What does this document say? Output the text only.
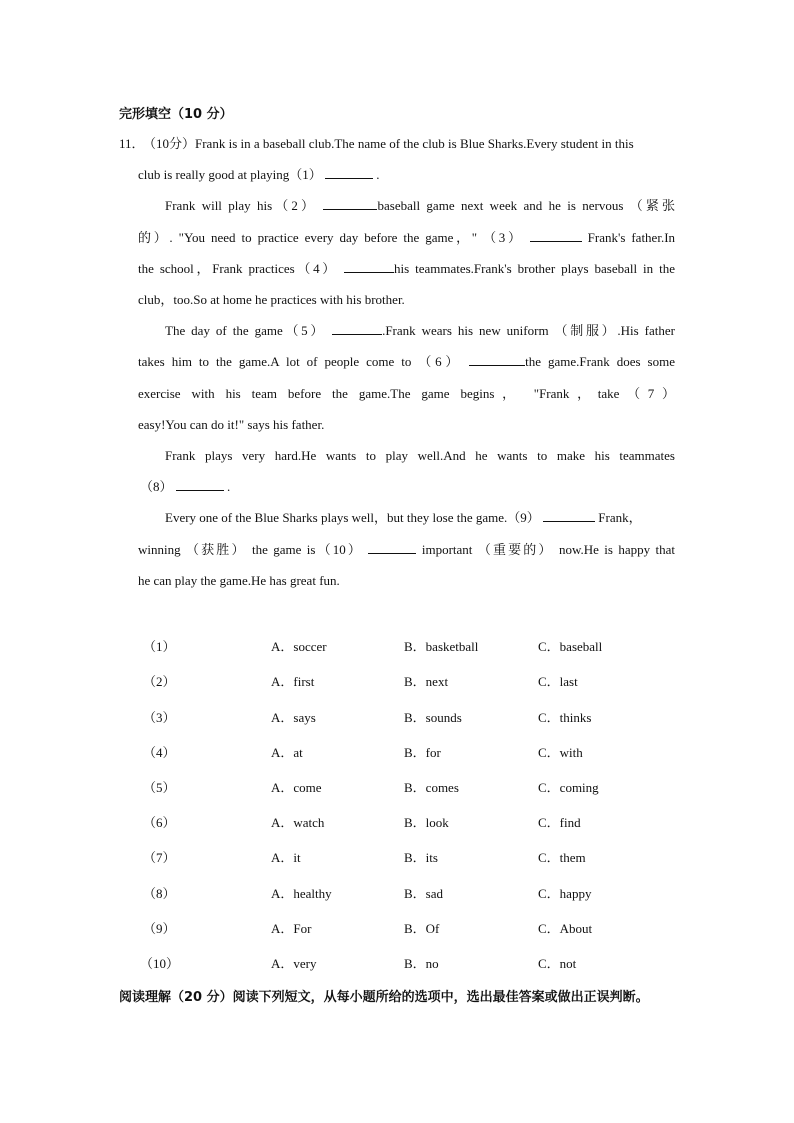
完形填空（10 分）
11．
（10分）Frank is in a baseball club.The name of the club is Blue Sharks.Every student in this
club is really good at playing（1）	.
Frank will play his（2）	baseball game next week and he is nervous （紧张
的）. "You need to practice every day before the game，" （3）	Frank's father.In
the school，Frank practices（4）	his teammates.Frank's brother plays baseball in the
club，too.So at home he practices with his brother.
The day of the game（5）	.Frank wears his new uniform （制服）.His father
takes him to the game.A lot of people come to （6）	the game.Frank does some
exercise with his team before the game.The game begins， "Frank，take（7）
easy!You can do it!" says his father.
Frank plays very hard.He wants to play well.And he wants to make his teammates
（8）	.
Every one of the Blue Sharks plays well，but they lose the game.（9）	Frank，
winning （获胜） the game is（10）	important （重要的） now.He is happy that
he can play the game.He has great fun.
（1）	A．soccer	B．basketball	C．baseball
（2）	A．first	B．next	C．last
（3）	A．says	B．sounds	C．thinks
（4）	A．at	B．for	C．with
（5）	A．come	B．comes	C．coming
（6）	A．watch	B．look	C．find
（7）	A．it	B．its	C．them
（8）	A．healthy	B．sad	C．happy
（9）	A．For	B．Of	C．About
（10）	A．very	B．no	C．not
阅读理解（20 分）阅读下列短文，从每小题所给的选项中，选出最佳答案或做出正误判断。
